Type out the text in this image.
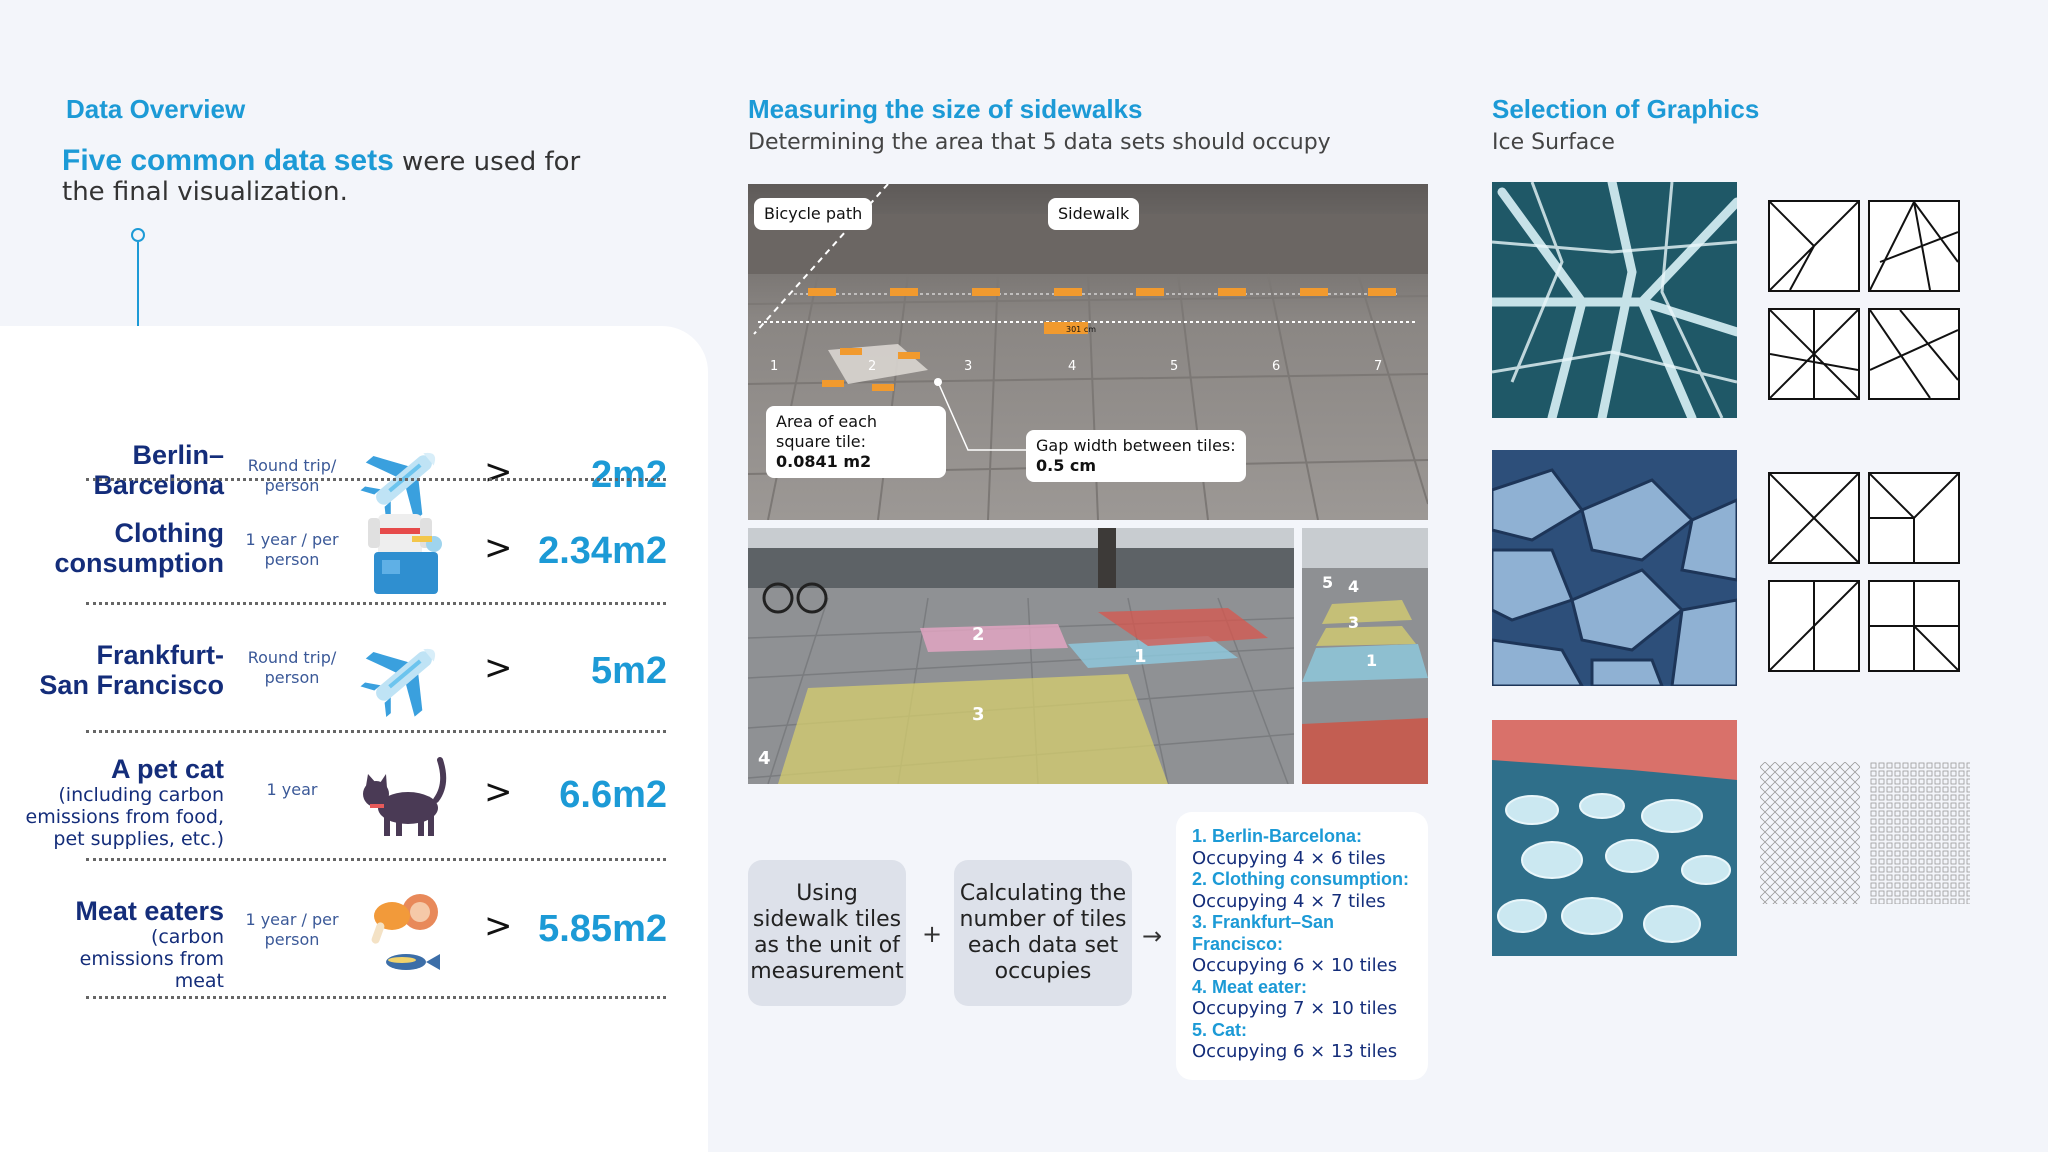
Data Overview
Five common data sets were used for the final visualization.
Berlin–
Barcelona
Round trip/ person	> 2m2
Clothing
consumption
1 year / per person	> 2.34m2
Frankfurt-
San Francisco
Round trip/ person	> 5m2
A pet cat
(including carbon emissions from food, pet supplies, etc.)
1 year	> 6.6m2
Meat eaters
(carbon emissions from meat
1 year / per person	> 5.85m2
Measuring the size of sidewalks
Determining the area that 5 data sets should occupy
1	2	3	4	5	6	7
301 cm
Bicycle path	Sidewalk
Area of each square tile:
0.0841 m2
Gap width between tiles:
0.5 cm
2
1
3
4
5 4
3
1
Using sidewalk tiles as the unit of measurement
+
Calculating the number of tiles each data set occupies
→
1. Berlin-Barcelona:
Occupying 4 × 6 tiles
2. Clothing consumption:
Occupying 4 × 7 tiles
3. Frankfurt–San Francisco:
Occupying 6 × 10 tiles
4. Meat eater:
Occupying 7 × 10 tiles
5. Cat:
Occupying 6 × 13 tiles
Selection of Graphics
Ice Surface
